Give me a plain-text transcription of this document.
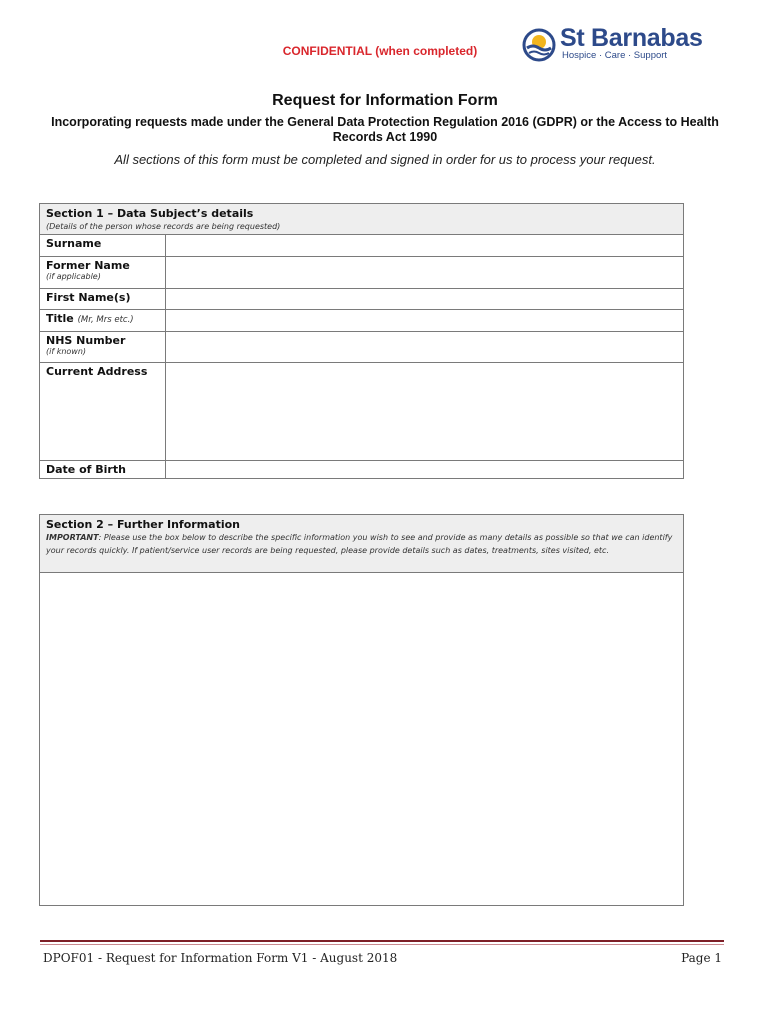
CONFIDENTIAL (when completed)	St Barnabas
Hospice · Care · Support
Request for Information Form
Incorporating requests made under the General Data Protection Regulation 2016 (GDPR) or the Access to Health Records Act 1990
All sections of this form must be completed and signed in order for us to process your request.
Section 1 – Data Subject’s details
(Details of the person whose records are being requested)
Surname
Former Name
(if applicable)
First Name(s)
Title (Mr, Mrs etc.)
NHS Number
(if known)
Current Address
Date of Birth
Section 2 – Further Information
IMPORTANT: Please use the box below to describe the specific information you wish to see and provide as many details as possible so that we can identify your records quickly. If patient/service user records are being requested, please provide details such as dates, treatments, sites visited, etc.
DPOF01 - Request for Information Form V1 - August 2018	Page 1
